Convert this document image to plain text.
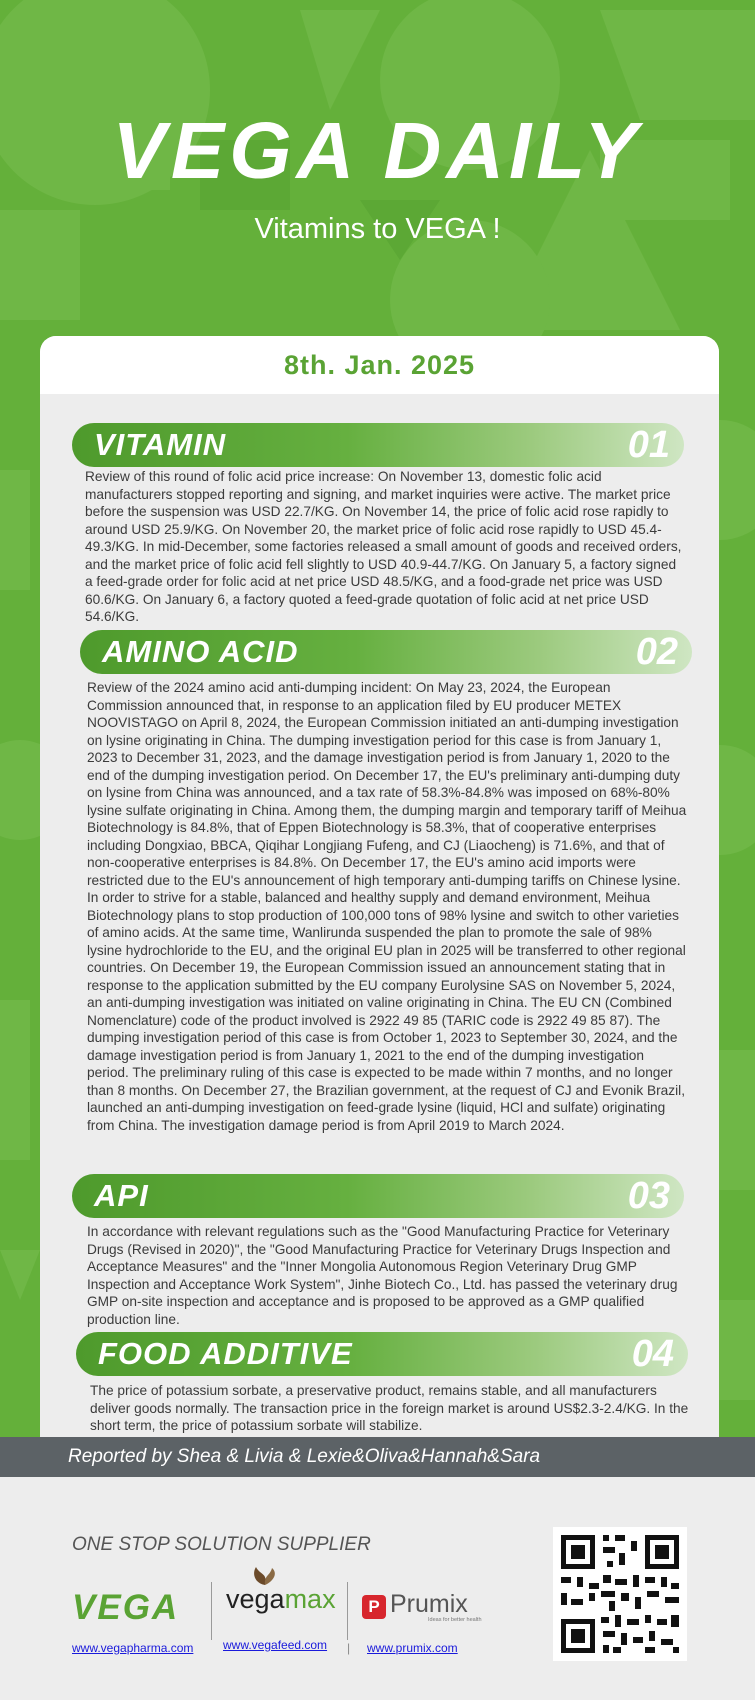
VEGA DAILY
Vitamins to VEGA !
8th. Jan. 2025
VITAMIN	01
Review of this round of folic acid price increase: On November 13, domestic folic acid manufacturers stopped reporting and signing, and market inquiries were active. The market price before the suspension was USD 22.7/KG. On November 14, the price of folic acid rose rapidly to around USD 25.9/KG. On November 20, the market price of folic acid rose rapidly to USD 45.4-49.3/KG. In mid-December, some factories released a small amount of goods and received orders, and the market price of folic acid fell slightly to USD 40.9-44.7/KG. On January 5, a factory signed a feed-grade order for folic acid at net price USD 48.5/KG, and a food-grade net price was USD 60.6/KG. On January 6, a factory quoted a feed-grade quotation of folic acid at net price USD 54.6/KG.
AMINO ACID	02
Review of the 2024 amino acid anti-dumping incident: On May 23, 2024, the European Commission announced that, in response to an application filed by EU producer METEX NOOVISTAGO on April 8, 2024, the European Commission initiated an anti-dumping investigation on lysine originating in China. The dumping investigation period for this case is from January 1, 2023 to December 31, 2023, and the damage investigation period is from January 1, 2020 to the end of the dumping investigation period. On December 17, the EU's preliminary anti-dumping duty on lysine from China was announced, and a tax rate of 58.3%-84.8% was imposed on 68%-80% lysine sulfate originating in China. Among them, the dumping margin and temporary tariff of Meihua Biotechnology is 84.8%, that of Eppen Biotechnology is 58.3%, that of cooperative enterprises including Dongxiao, BBCA, Qiqihar Longjiang Fufeng, and CJ (Liaocheng) is 71.6%, and that of non-cooperative enterprises is 84.8%. On December 17, the EU's amino acid imports were restricted due to the EU's announcement of high temporary anti-dumping tariffs on Chinese lysine. In order to strive for a stable, balanced and healthy supply and demand environment, Meihua Biotechnology plans to stop production of 100,000 tons of 98% lysine and switch to other varieties of amino acids. At the same time, Wanlirunda suspended the plan to promote the sale of 98% lysine hydrochloride to the EU, and the original EU plan in 2025 will be transferred to other regional countries. On December 19, the European Commission issued an announcement stating that in response to the application submitted by the EU company Eurolysine SAS on November 5, 2024, an anti-dumping investigation was initiated on valine originating in China. The EU CN (Combined Nomenclature) code of the product involved is 2922 49 85 (TARIC code is 2922 49 85 87). The dumping investigation period of this case is from October 1, 2023 to September 30, 2024, and the damage investigation period is from January 1, 2021 to the end of the dumping investigation period. The preliminary ruling of this case is expected to be made within 7 months, and no longer than 8 months. On December 27, the Brazilian government, at the request of CJ and Evonik Brazil, launched an anti-dumping investigation on feed-grade lysine (liquid, HCl and sulfate) originating from China. The investigation damage period is from April 2019 to March 2024.
API	03
In accordance with relevant regulations such as the "Good Manufacturing Practice for Veterinary Drugs (Revised in 2020)", the "Good Manufacturing Practice for Veterinary Drugs Inspection and Acceptance Measures" and the "Inner Mongolia Autonomous Region Veterinary Drug GMP Inspection and Acceptance Work System", Jinhe Biotech Co., Ltd. has passed the veterinary drug GMP on-site inspection and acceptance and is proposed to be approved as a GMP qualified production line.
FOOD ADDITIVE	04
The price of potassium sorbate, a preservative product, remains stable, and all manufacturers deliver goods normally. The transaction price in the foreign market is around US$2.3-2.4/KG. In the short term, the price of potassium sorbate will stabilize.
Reported by Shea & Livia & Lexie&Oliva&Hannah&Sara
ONE STOP SOLUTION SUPPLIER
VEGA vegamax	P Prumix
Ideas for better health
www.vegapharma.com www.vegafeed.com | www.prumix.com
